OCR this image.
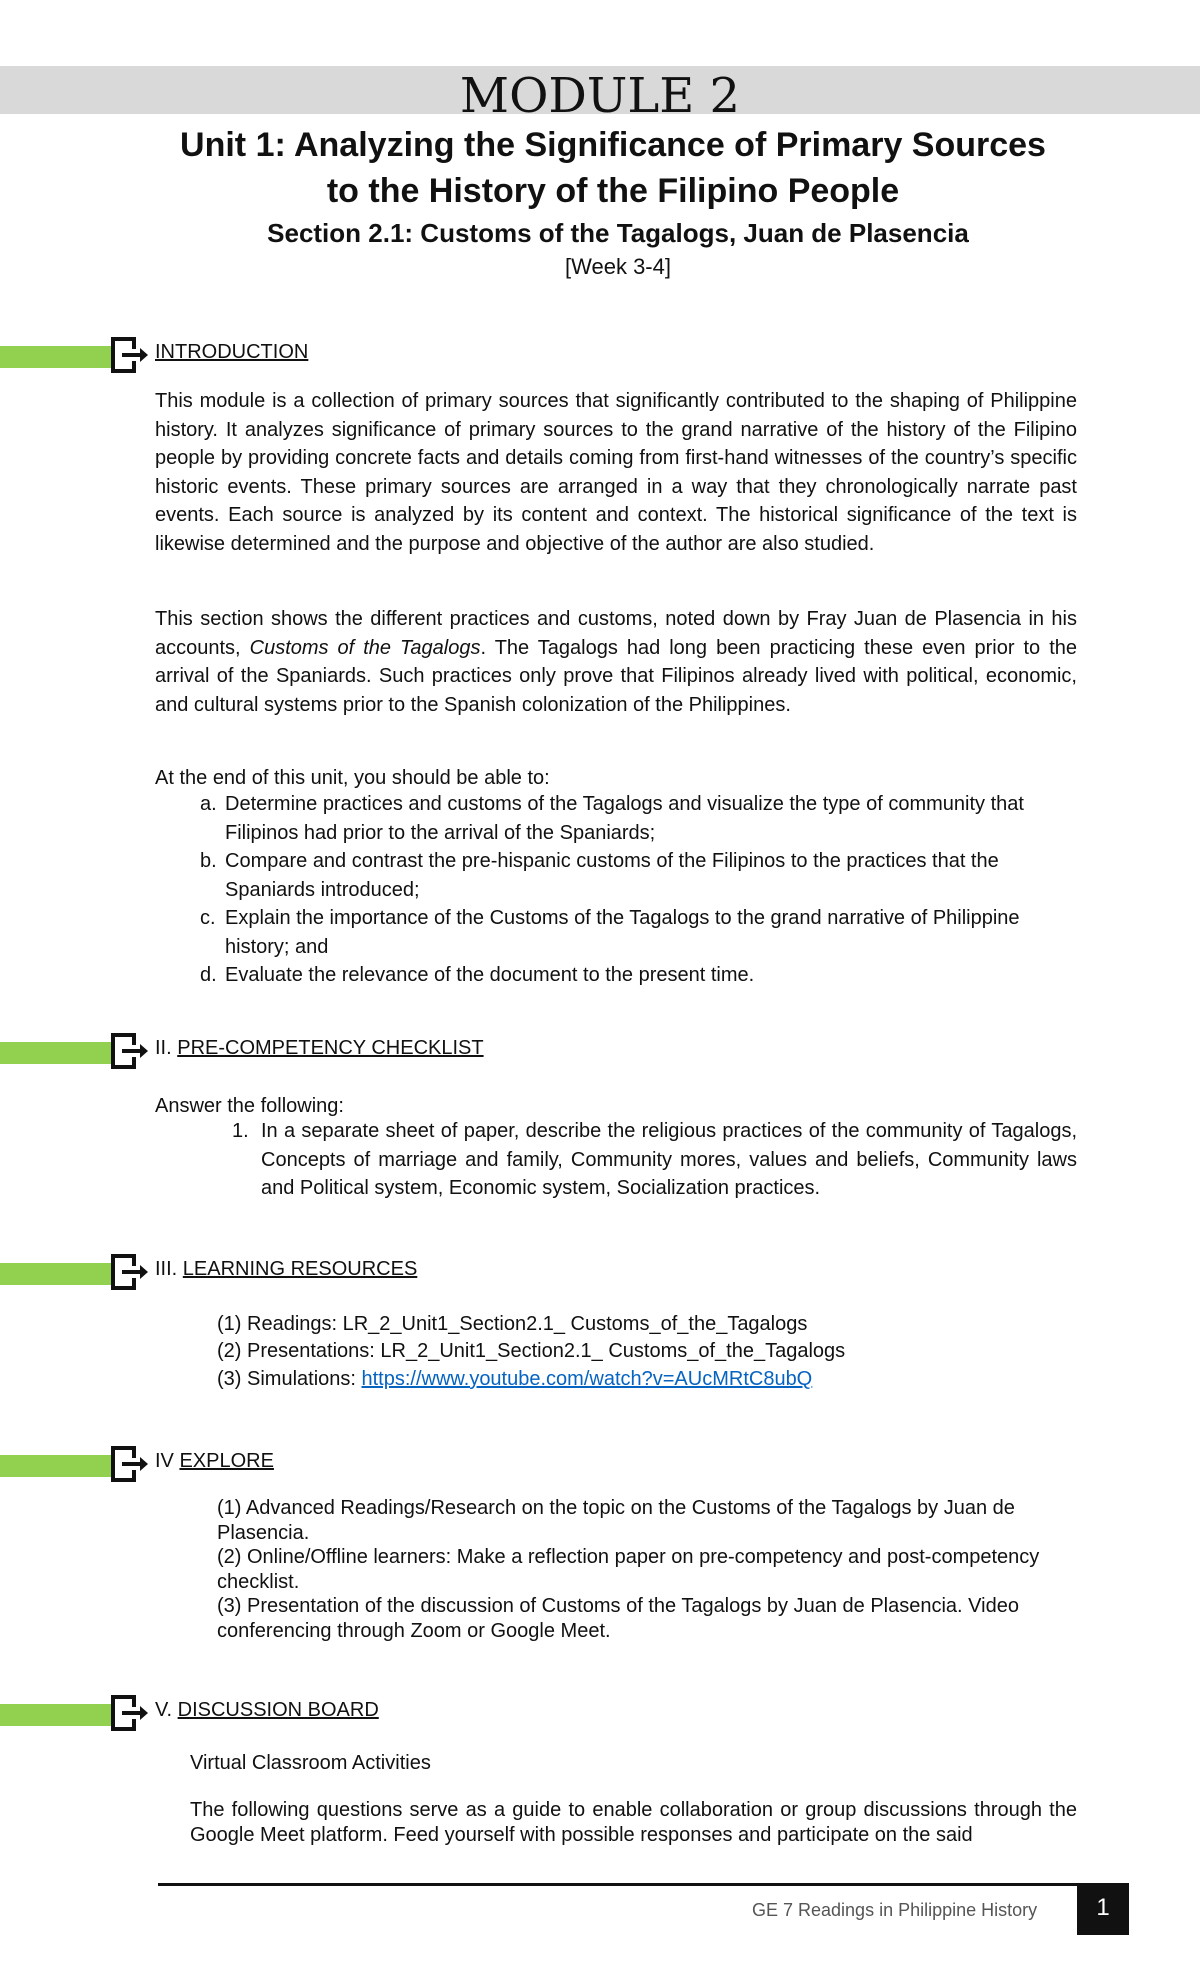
MODULE 2
Unit 1: Analyzing the Significance of Primary Sources
to the History of the Filipino People
Section 2.1: Customs of the Tagalogs, Juan de Plasencia
[Week 3-4]
INTRODUCTION
This module is a collection of primary sources that significantly contributed to the shaping of Philippine history. It analyzes significance of primary sources to the grand narrative of the history of the Filipino people by providing concrete facts and details coming from first-hand witnesses of the country’s specific historic events. These primary sources are arranged in a way that they chronologically narrate past events. Each source is analyzed by its content and context. The historical significance of the text is likewise determined and the purpose and objective of the author are also studied.
This section shows the different practices and customs, noted down by Fray Juan de Plasencia in his accounts, Customs of the Tagalogs. The Tagalogs had long been practicing these even prior to the arrival of the Spaniards. Such practices only prove that Filipinos already lived with political, economic, and cultural systems prior to the Spanish colonization of the Philippines.
At the end of this unit, you should be able to:
a. Determine practices and customs of the Tagalogs and visualize the type of community that Filipinos had prior to the arrival of the Spaniards;
b. Compare and contrast the pre-hispanic customs of the Filipinos to the practices that the Spaniards introduced;
c. Explain the importance of the Customs of the Tagalogs to the grand narrative of Philippine history; and
d. Evaluate the relevance of the document to the present time.
II. PRE-COMPETENCY CHECKLIST
Answer the following:
1. In a separate sheet of paper, describe the religious practices of the community of Tagalogs, Concepts of marriage and family, Community mores, values and beliefs, Community laws and Political system, Economic system, Socialization practices.
III. LEARNING RESOURCES
(1) Readings: LR_2_Unit1_Section2.1_ Customs_of_the_Tagalogs
(2) Presentations: LR_2_Unit1_Section2.1_ Customs_of_the_Tagalogs
(3) Simulations: https://www.youtube.com/watch?v=AUcMRtC8ubQ
IV EXPLORE
(1) Advanced Readings/Research on the topic on the Customs of the Tagalogs by Juan de Plasencia.
(2) Online/Offline learners: Make a reflection paper on pre-competency and post-competency checklist.
(3) Presentation of the discussion of Customs of the Tagalogs by Juan de Plasencia. Video conferencing through Zoom or Google Meet.
V. DISCUSSION BOARD
Virtual Classroom Activities
The following questions serve as a guide to enable collaboration or group discussions through the Google Meet platform. Feed yourself with possible responses and participate on the said
GE 7 Readings in Philippine History	1
